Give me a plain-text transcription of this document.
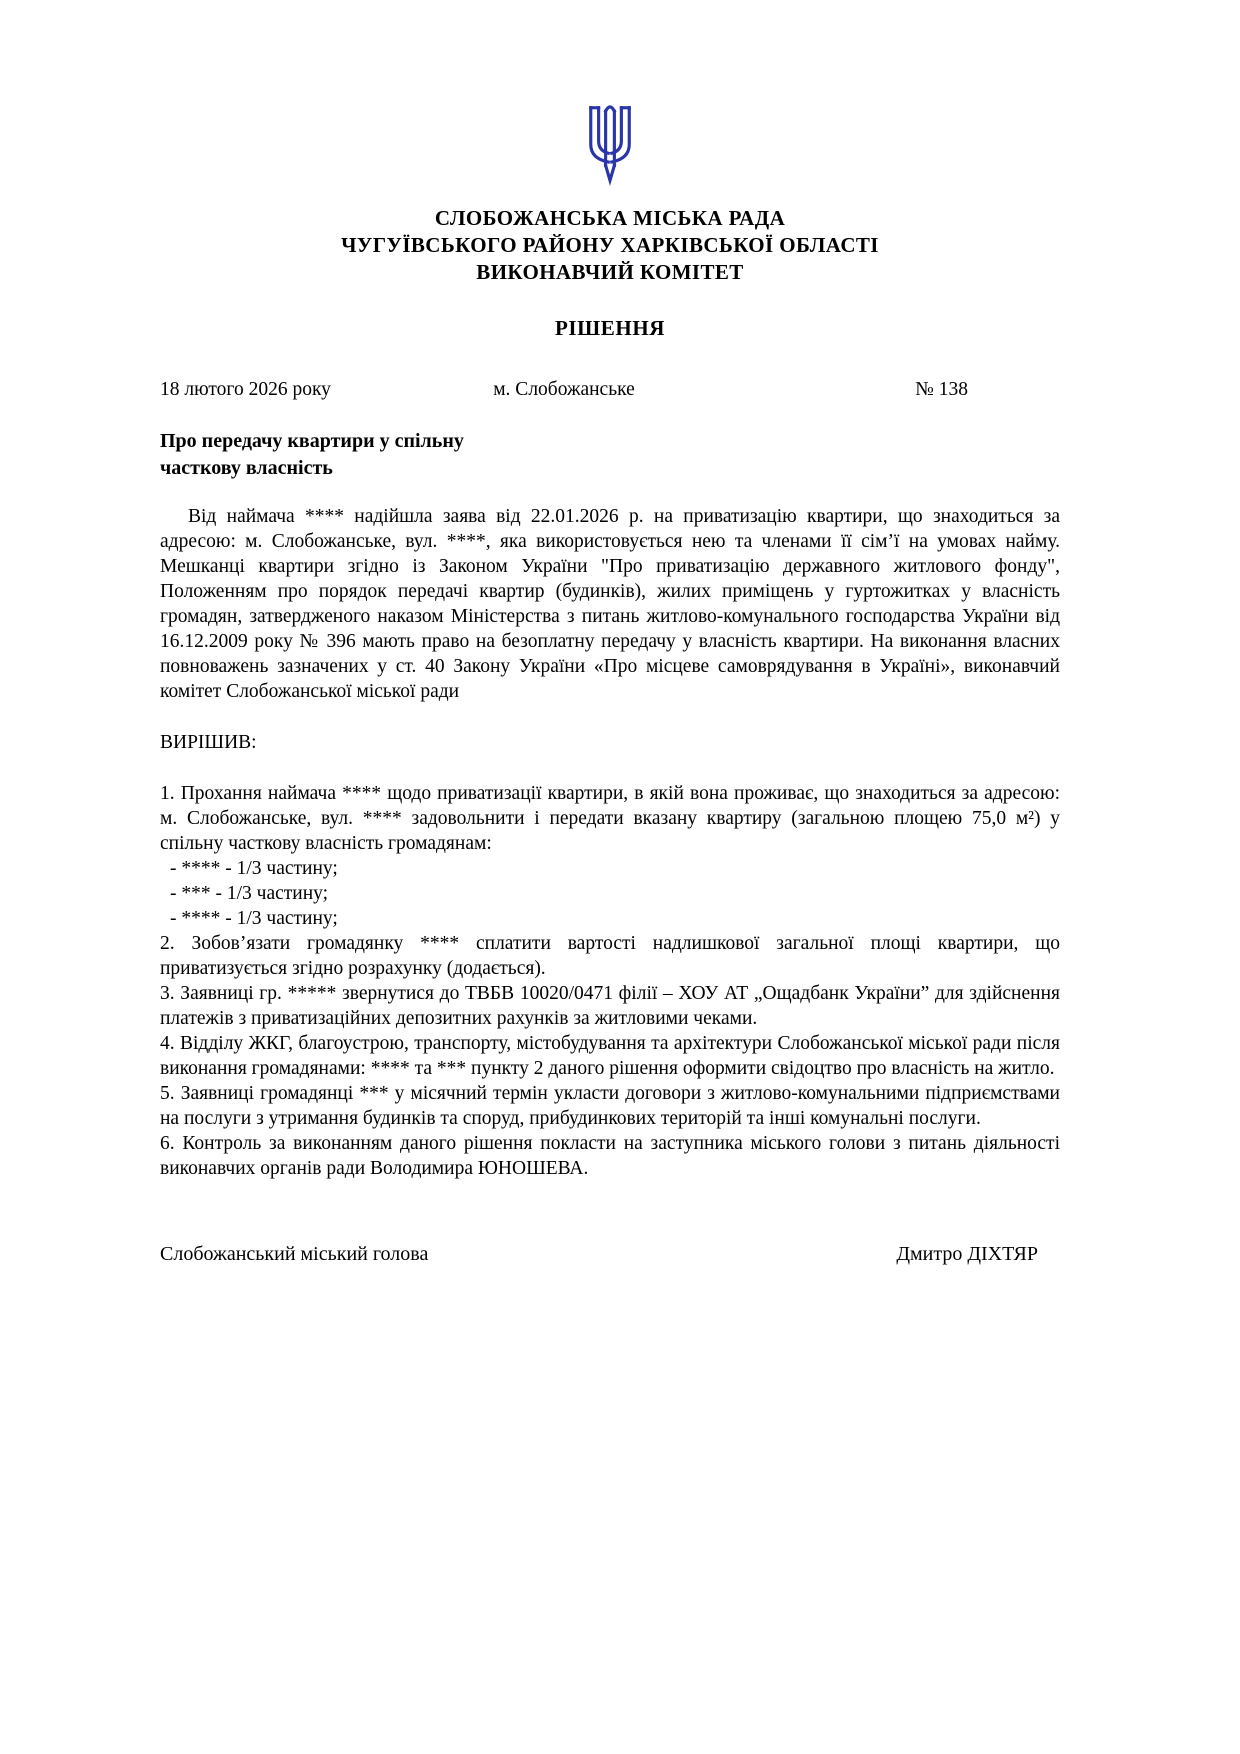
СЛОБОЖАНСЬКА МІСЬКА РАДА
ЧУГУЇВСЬКОГО РАЙОНУ ХАРКІВСЬКОЇ ОБЛАСТІ
ВИКОНАВЧИЙ КОМІТЕТ
РІШЕННЯ
18 лютого 2026 року	м. Слобожанське	№ 138
Про передачу квартири у спільну
часткову власність

Від наймача **** надійшла заява від 22.01.2026 р. на приватизацію квартири, що знаходиться за адресою: м. Слобожанське, вул. ****, яка використовується нею та членами її сім’ї на умовах найму. Мешканці квартири згідно із Законом України "Про приватизацію державного житлового фонду", Положенням про порядок передачі квартир (будинків), жилих приміщень у гуртожитках у власність громадян, затвердженого наказом Міністерства з питань житлово-комунального господарства України від 16.12.2009 року № 396 мають право на безоплатну передачу у власність квартири. На виконання власних повноважень зазначених у ст. 40 Закону України «Про місцеве самоврядування в Україні», виконавчий комітет Слобожанської міської ради

ВИРІШИВ:

1. Прохання наймача **** щодо приватизації квартири, в якій вона проживає, що знаходиться за адресою: м. Слобожанське, вул. **** задовольнити і передати вказану квартиру (загальною площею 75,0 м²) у спільну часткову власність громадянам:

- **** - 1/3 частину;

- *** - 1/3 частину;

- **** - 1/3 частину;

2. Зобов’язати громадянку **** сплатити вартості надлишкової загальної площі квартири, що приватизується згідно розрахунку (додається).

3. Заявниці гр. ***** звернутися до ТВБВ 10020/0471 філії – ХОУ АТ „Ощадбанк України” для здійснення платежів з приватизаційних депозитних рахунків за житловими чеками.

4. Відділу ЖКГ, благоустрою, транспорту, містобудування та архітектури Слобожанської міської ради після виконання громадянами: **** та *** пункту 2 даного рішення оформити свідоцтво про власність на житло.

5. Заявниці громадянці *** у місячний термін укласти договори з житлово-комунальними підприємствами на послуги з утримання будинків та споруд, прибудинкових територій та інші комунальні послуги.

6. Контроль за виконанням даного рішення покласти на заступника міського голови з питань діяльності виконавчих органів ради Володимира ЮНОШЕВА.

Слобожанський міський голова	Дмитро ДІХТЯР
